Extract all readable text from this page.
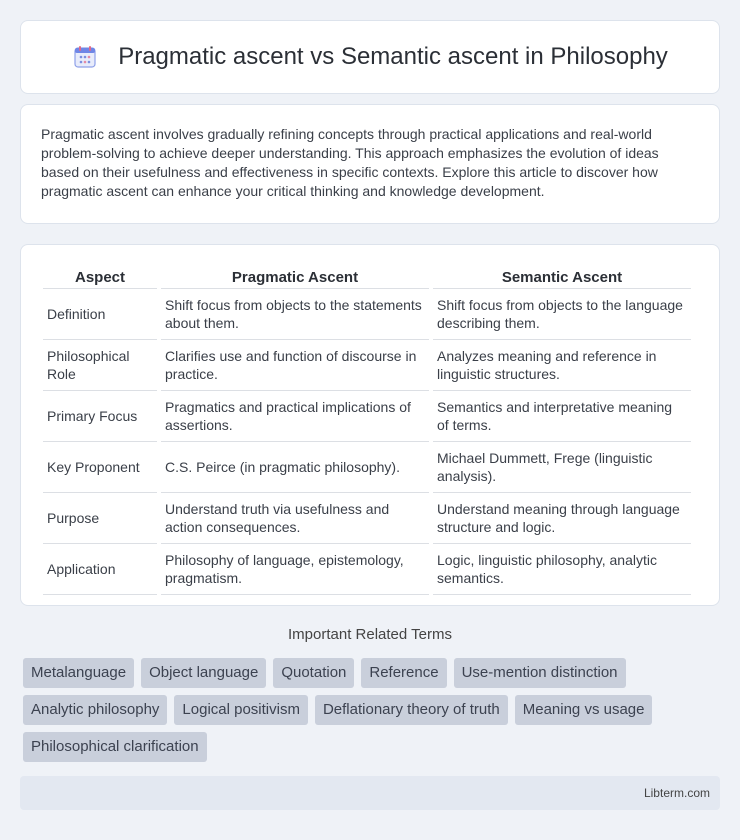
Pragmatic ascent vs Semantic ascent in Philosophy

Pragmatic ascent involves gradually refining concepts through practical applications and real-world problem-solving to achieve deeper understanding. This approach emphasizes the evolution of ideas based on their usefulness and effectiveness in specific contexts. Explore this article to discover how pragmatic ascent can enhance your critical thinking and knowledge development.

Aspect	Pragmatic Ascent	Semantic Ascent
Definition	Shift focus from objects to the statements about them.	Shift focus from objects to the language describing them.
Philosophical Role	Clarifies use and function of discourse in practice.	Analyzes meaning and reference in linguistic structures.
Primary Focus	Pragmatics and practical implications of assertions.	Semantics and interpretative meaning of terms.
Key Proponent	C.S. Peirce (in pragmatic philosophy).	Michael Dummett, Frege (linguistic analysis).
Purpose	Understand truth via usefulness and action consequences.	Understand meaning through language structure and logic.
Application	Philosophy of language, epistemology, pragmatism.	Logic, linguistic philosophy, analytic semantics.
Important Related Terms
Metalanguage	Object language	Quotation	Reference	Use-mention distinction
Analytic philosophy	Logical positivism	Deflationary theory of truth	Meaning vs usage
Philosophical clarification
Libterm.com
